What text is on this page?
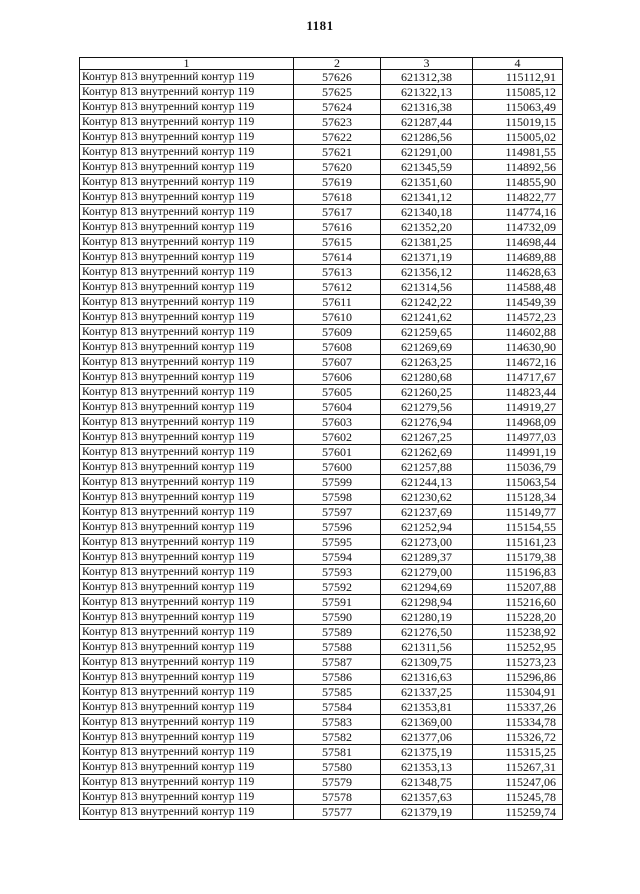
1181
1	2	3	4
Контур 813 внутренний контур 119	57626	621312,38	115112,91
Контур 813 внутренний контур 119	57625	621322,13	115085,12
Контур 813 внутренний контур 119	57624	621316,38	115063,49
Контур 813 внутренний контур 119	57623	621287,44	115019,15
Контур 813 внутренний контур 119	57622	621286,56	115005,02
Контур 813 внутренний контур 119	57621	621291,00	114981,55
Контур 813 внутренний контур 119	57620	621345,59	114892,56
Контур 813 внутренний контур 119	57619	621351,60	114855,90
Контур 813 внутренний контур 119	57618	621341,12	114822,77
Контур 813 внутренний контур 119	57617	621340,18	114774,16
Контур 813 внутренний контур 119	57616	621352,20	114732,09
Контур 813 внутренний контур 119	57615	621381,25	114698,44
Контур 813 внутренний контур 119	57614	621371,19	114689,88
Контур 813 внутренний контур 119	57613	621356,12	114628,63
Контур 813 внутренний контур 119	57612	621314,56	114588,48
Контур 813 внутренний контур 119	57611	621242,22	114549,39
Контур 813 внутренний контур 119	57610	621241,62	114572,23
Контур 813 внутренний контур 119	57609	621259,65	114602,88
Контур 813 внутренний контур 119	57608	621269,69	114630,90
Контур 813 внутренний контур 119	57607	621263,25	114672,16
Контур 813 внутренний контур 119	57606	621280,68	114717,67
Контур 813 внутренний контур 119	57605	621260,25	114823,44
Контур 813 внутренний контур 119	57604	621279,56	114919,27
Контур 813 внутренний контур 119	57603	621276,94	114968,09
Контур 813 внутренний контур 119	57602	621267,25	114977,03
Контур 813 внутренний контур 119	57601	621262,69	114991,19
Контур 813 внутренний контур 119	57600	621257,88	115036,79
Контур 813 внутренний контур 119	57599	621244,13	115063,54
Контур 813 внутренний контур 119	57598	621230,62	115128,34
Контур 813 внутренний контур 119	57597	621237,69	115149,77
Контур 813 внутренний контур 119	57596	621252,94	115154,55
Контур 813 внутренний контур 119	57595	621273,00	115161,23
Контур 813 внутренний контур 119	57594	621289,37	115179,38
Контур 813 внутренний контур 119	57593	621279,00	115196,83
Контур 813 внутренний контур 119	57592	621294,69	115207,88
Контур 813 внутренний контур 119	57591	621298,94	115216,60
Контур 813 внутренний контур 119	57590	621280,19	115228,20
Контур 813 внутренний контур 119	57589	621276,50	115238,92
Контур 813 внутренний контур 119	57588	621311,56	115252,95
Контур 813 внутренний контур 119	57587	621309,75	115273,23
Контур 813 внутренний контур 119	57586	621316,63	115296,86
Контур 813 внутренний контур 119	57585	621337,25	115304,91
Контур 813 внутренний контур 119	57584	621353,81	115337,26
Контур 813 внутренний контур 119	57583	621369,00	115334,78
Контур 813 внутренний контур 119	57582	621377,06	115326,72
Контур 813 внутренний контур 119	57581	621375,19	115315,25
Контур 813 внутренний контур 119	57580	621353,13	115267,31
Контур 813 внутренний контур 119	57579	621348,75	115247,06
Контур 813 внутренний контур 119	57578	621357,63	115245,78
Контур 813 внутренний контур 119	57577	621379,19	115259,74
